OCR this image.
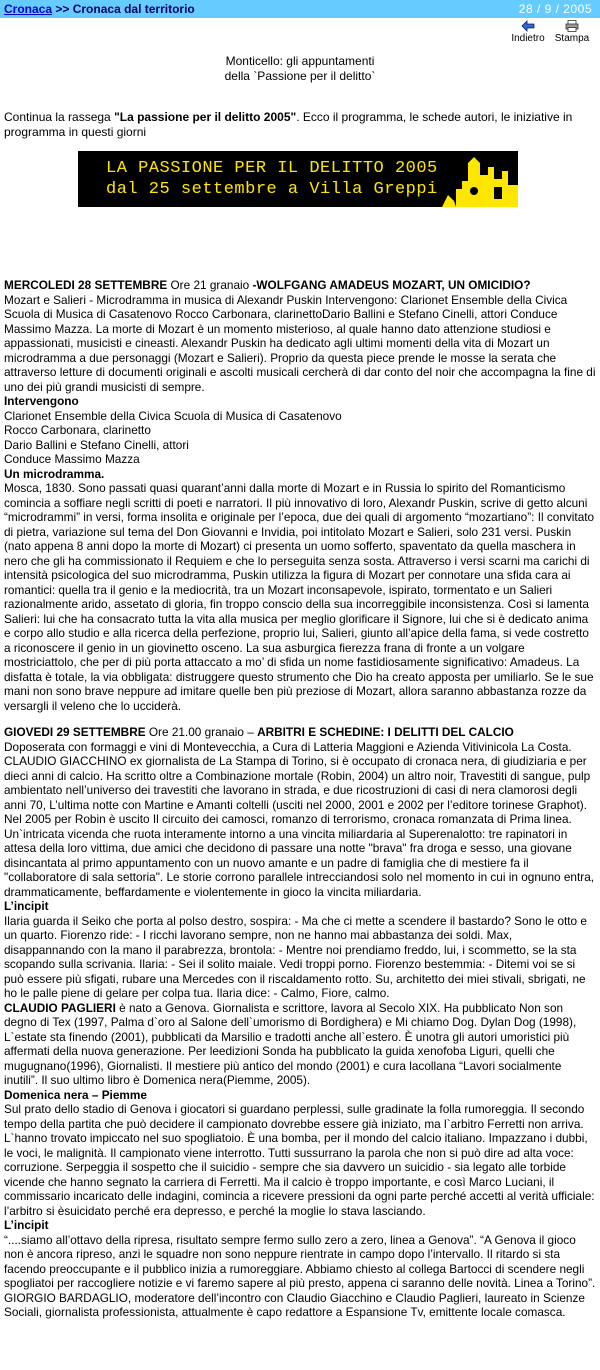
Cronaca >> Cronaca dal territorio	28 / 9 / 2005
Indietro	Stampa
Monticello: gli appuntamenti
della `Passione per il delitto`
Continua la rassega "La passione per il delitto 2005". Ecco il programma, le schede autori, le iniziative in programma in questi giorni
LA PASSIONE PER IL DELITTO 2005
dal 25 settembre a Villa Greppi

MERCOLEDI 28 SETTEMBRE Ore 21 granaio -WOLFGANG AMADEUS MOZART, UN OMICIDIO?

Mozart e Salieri - Microdramma in musica di Alexandr Puskin Intervengono: Clarionet Ensemble della Civica Scuola di Musica di Casatenovo Rocco Carbonara, clarinettoDario Ballini e Stefano Cinelli, attori Conduce Massimo Mazza. La morte di Mozart è un momento misterioso, al quale hanno dato attenzione studiosi e appassionati, musicisti e cineasti. Alexandr Puskin ha dedicato agli ultimi momenti della vita di Mozart un microdramma a due personaggi (Mozart e Salieri). Proprio da questa piece prende le mosse la serata che attraverso letture di documenti originali e ascolti musicali cercherà di dar conto del noir che accompagna la fine di uno dei più grandi musicisti di sempre.

Intervengono

Clarionet Ensemble della Civica Scuola di Musica di Casatenovo

Rocco Carbonara, clarinetto

Dario Ballini e Stefano Cinelli, attori

Conduce Massimo Mazza

Un microdramma.

Mosca, 1830. Sono passati quasi quarant’anni dalla morte di Mozart e in Russia lo spirito del Romanticismo comincia a soffiare negli scritti di poeti e narratori. Il più innovativo di loro, Alexandr Puskin, scrive di getto alcuni “microdrammi” in versi, forma insolita e originale per l’epoca, due dei quali di argomento “mozartiano”: Il convitato di pietra, variazione sul tema del Don Giovanni e Invidia, poi intitolato Mozart e Salieri, solo 231 versi. Puskin (nato appena 8 anni dopo la morte di Mozart) ci presenta un uomo sofferto, spaventato da quella maschera in nero che gli ha commissionato il Requiem e che lo perseguita senza sosta. Attraverso i versi scarni ma carichi di intensità psicologica del suo microdramma, Puskin utilizza la figura di Mozart per connotare una sfida cara ai romantici: quella tra il genio e la mediocrità, tra un Mozart inconsapevole, ispirato, tormentato e un Salieri razionalmente arido, assetato di gloria, fin troppo conscio della sua incorreggibile inconsistenza. Così si lamenta Salieri: lui che ha consacrato tutta la vita alla musica per meglio glorificare il Signore, lui che si è dedicato anima e corpo allo studio e alla ricerca della perfezione, proprio lui, Salieri, giunto all’apice della fama, si vede costretto a riconoscere il genio in un giovinetto osceno. La sua asburgica fierezza frana di fronte a un volgare mostriciattolo, che per di più porta attaccato a mo’ di sfida un nome fastidiosamente significativo: Amadeus. La disfatta è totale, la via obbligata: distruggere questo strumento che Dio ha creato apposta per umiliarlo. Se le sue mani non sono brave neppure ad imitare quelle ben più preziose di Mozart, allora saranno abbastanza rozze da versargli il veleno che lo ucciderà.

GIOVEDI 29 SETTEMBRE Ore 21.00 granaio – ARBITRI E SCHEDINE: I DELITTI DEL CALCIO

Doposerata con formaggi e vini di Montevecchia, a Cura di Latteria Maggioni e Azienda Vitivinicola La Costa. CLAUDIO GIACCHINO ex giornalista de La Stampa di Torino, si è occupato di cronaca nera, di giudiziaria e per dieci anni di calcio. Ha scritto oltre a Combinazione mortale (Robin, 2004) un altro noir, Travestiti di sangue, pulp ambientato nell’universo dei travestiti che lavorano in strada, e due ricostruzioni di casi di nera clamorosi degli anni 70, L’ultima notte con Martine e Amanti coltelli (usciti nel 2000, 2001 e 2002 per l’editore torinese Graphot). Nel 2005 per Robin è uscito Il circuito dei camosci, romanzo di terrorismo, cronaca romanzata di Prima linea. Un`intricata vicenda che ruota interamente intorno a una vincita miliardaria al Superenalotto: tre rapinatori in attesa della loro vittima, due amici che decidono di passare una notte "brava" fra droga e sesso, una giovane disincantata al primo appuntamento con un nuovo amante e un padre di famiglia che di mestiere fa il "collaboratore di sala settoria". Le storie corrono parallele intrecciandosi solo nel momento in cui in ognuno entra, drammaticamente, beffardamente e violentemente in gioco la vincita miliardaria.

L’incipit

Ilaria guarda il Seiko che porta al polso destro, sospira: - Ma che ci mette a scendere il bastardo? Sono le otto e un quarto. Fiorenzo ride: - I ricchi lavorano sempre, non ne hanno mai abbastanza dei soldi. Max, disappannando con la mano il parabrezza, brontola: - Mentre noi prendiamo freddo, lui, i scommetto, se la sta scopando sulla scrivania. Ilaria: - Sei il solito maiale. Vedi troppi porno. Fiorenzo bestemmia: - Ditemi voi se si può essere più sfigati, rubare una Mercedes con il riscaldamento rotto. Su, architetto dei miei stivali, sbrigati, ne ho le palle piene di gelare per colpa tua. Ilaria dice: - Calmo, Fiore, calmo.

CLAUDIO PAGLIERI è nato a Genova. Giornalista e scrittore, lavora al Secolo XIX. Ha pubblicato Non son degno di Tex (1997, Palma d`oro al Salone dell`umorismo di Bordighera) e Mi chiamo Dog. Dylan Dog (1998), L`estate sta finendo (2001), pubblicati da Marsilio e tradotti anche all`estero. È unotra gli autori umoristici più affermati della nuova generazione. Per leedizioni Sonda ha pubblicato la guida xenofoba Liguri, quelli che mugugnano(1996), Giornalisti. Il mestiere più antico del mondo (2001) e cura lacollana “Lavori socialmente inutili”. Il suo ultimo libro è Domenica nera(Piemme, 2005).

Domenica nera – Piemme

Sul prato dello stadio di Genova i giocatori si guardano perplessi, sulle gradinate la folla rumoreggia. Il secondo tempo della partita che può decidere il campionato dovrebbe essere già iniziato, ma l`arbitro Ferretti non arriva. L`hanno trovato impiccato nel suo spogliatoio. È una bomba, per il mondo del calcio italiano. Impazzano i dubbi, le voci, le malignità. Il campionato viene interrotto. Tutti sussurrano la parola che non si può dire ad alta voce: corruzione. Serpeggia il sospetto che il suicidio - sempre che sia davvero un suicidio - sia legato alle torbide vicende che hanno segnato la carriera di Ferretti. Ma il calcio è troppo importante, e così Marco Luciani, il commissario incaricato delle indagini, comincia a ricevere pressioni da ogni parte perché accetti al verità ufficiale: l’arbitro si èsuicidato perché era depresso, e perché la moglie lo stava lasciando.

L’incipit

“....siamo all’ottavo della ripresa, risultato sempre fermo sullo zero a zero, linea a Genova”. “A Genova il gioco non è ancora ripreso, anzi le squadre non sono neppure rientrate in campo dopo l’intervallo. Il ritardo si sta facendo preoccupante e il pubblico inizia a rumoreggiare. Abbiamo chiesto al collega Bartocci di scendere negli spogliatoi per raccogliere notizie e vi faremo sapere al più presto, appena ci saranno delle novità. Linea a Torino”. GIORGIO BARDAGLIO, moderatore dell’incontro con Claudio Giacchino e Claudio Paglieri, laureato in Scienze Sociali, giornalista professionista, attualmente è capo redattore a Espansione Tv, emittente locale comasca.
